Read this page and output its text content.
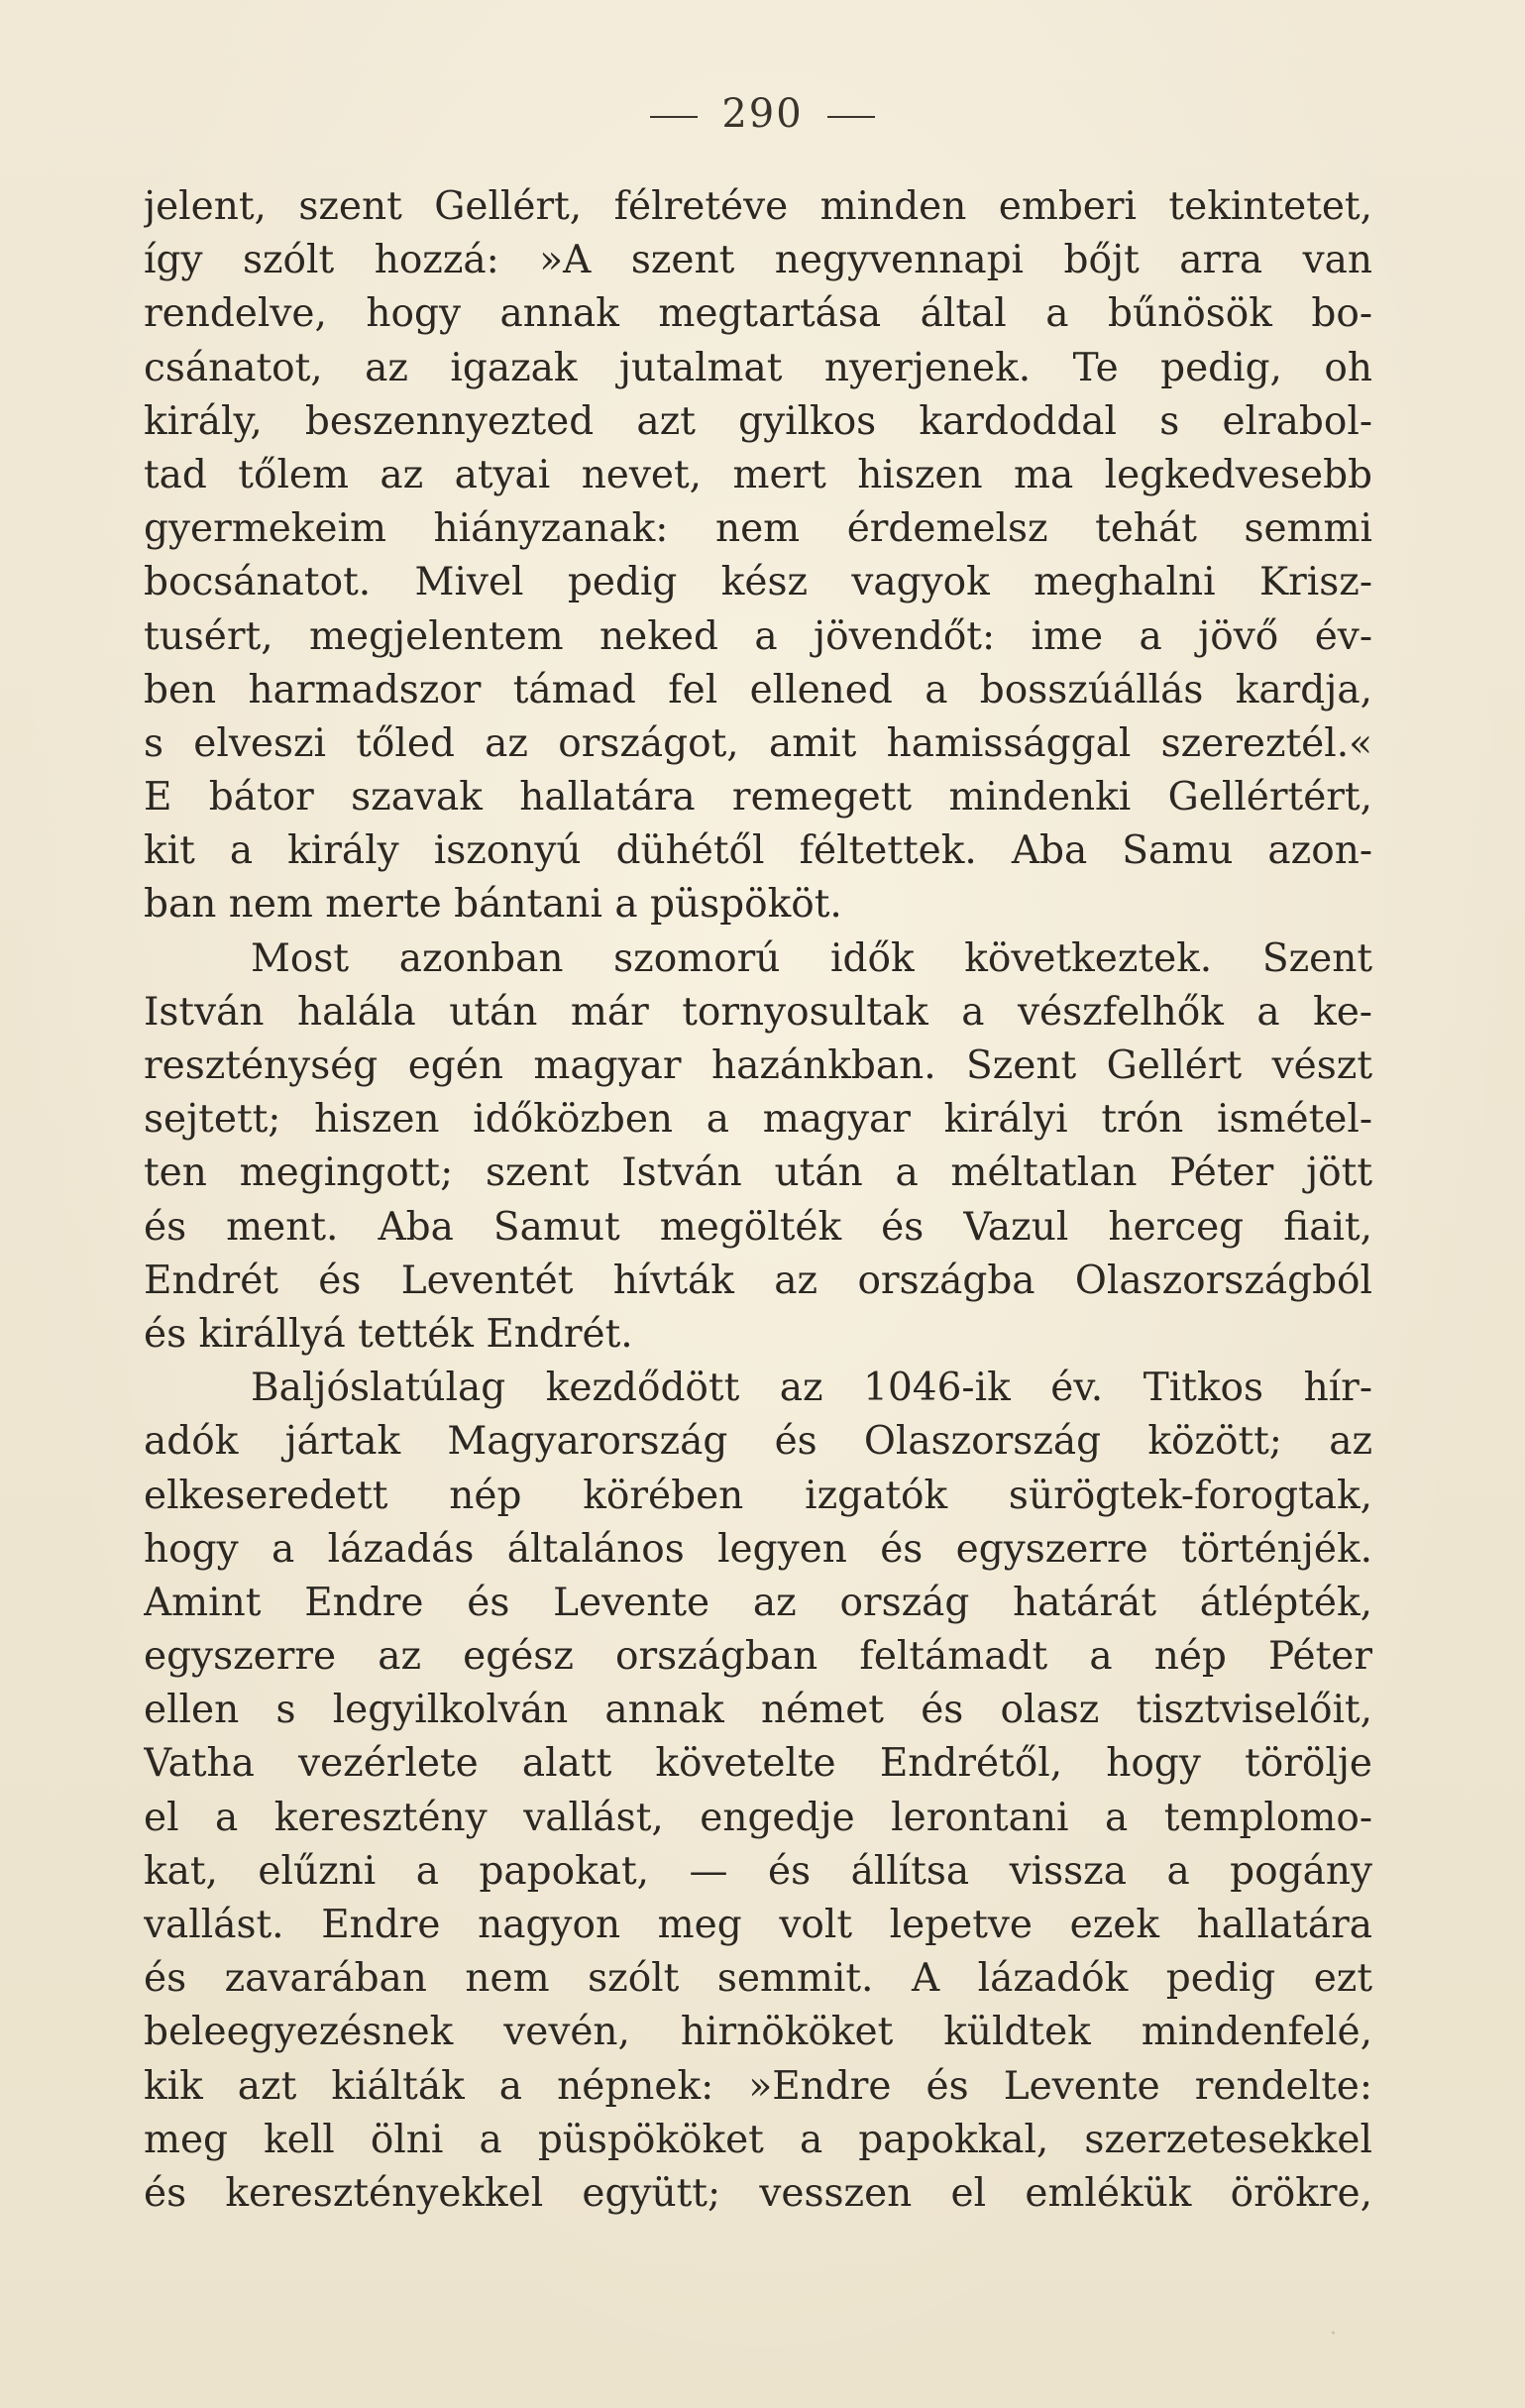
290
jelent, szent Gellért, félretéve minden emberi tekintetet,
így szólt hozzá: »A szent negyvennapi bőjt arra van
rendelve, hogy annak megtartása által a bűnösök bo-
csánatot, az igazak jutalmat nyerjenek. Te pedig, oh
király, beszennyezted azt gyilkos kardoddal s elrabol-
tad tőlem az atyai nevet, mert hiszen ma legkedvesebb
gyermekeim hiányzanak: nem érdemelsz tehát semmi
bocsánatot. Mivel pedig kész vagyok meghalni Krisz-
tusért, megjelentem neked a jövendőt: ime a jövő év-
ben harmadszor támad fel ellened a bosszúállás kardja,
s elveszi tőled az országot, amit hamissággal szereztél.«
E bátor szavak hallatára remegett mindenki Gellértért,
kit a király iszonyú dühétől féltettek. Aba Samu azon-
ban nem merte bántani a püspököt.
Most azonban szomorú idők következtek. Szent
István halála után már tornyosultak a vészfelhők a ke-
reszténység egén magyar hazánkban. Szent Gellért vészt
sejtett; hiszen időközben a magyar királyi trón ismétel-
ten megingott; szent István után a méltatlan Péter jött
és ment. Aba Samut megölték és Vazul herceg fiait,
Endrét és Leventét hívták az országba Olaszországból
és királlyá tették Endrét.
Baljóslatúlag kezdődött az 1046-ik év. Titkos hír-
adók jártak Magyarország és Olaszország között; az
elkeseredett nép körében izgatók sürögtek-forogtak,
hogy a lázadás általános legyen és egyszerre történjék.
Amint Endre és Levente az ország határát átlépték,
egyszerre az egész országban feltámadt a nép Péter
ellen s legyilkolván annak német és olasz tisztviselőit,
Vatha vezérlete alatt követelte Endrétől, hogy törölje
el a keresztény vallást, engedje lerontani a templomo-
kat, elűzni a papokat, — és állítsa vissza a pogány
vallást. Endre nagyon meg volt lepetve ezek hallatára
és zavarában nem szólt semmit. A lázadók pedig ezt
beleegyezésnek vevén, hirnököket küldtek mindenfelé,
kik azt kiálták a népnek: »Endre és Levente rendelte:
meg kell ölni a püspököket a papokkal, szerzetesekkel
és keresztényekkel együtt; vesszen el emlékük örökre,
·
